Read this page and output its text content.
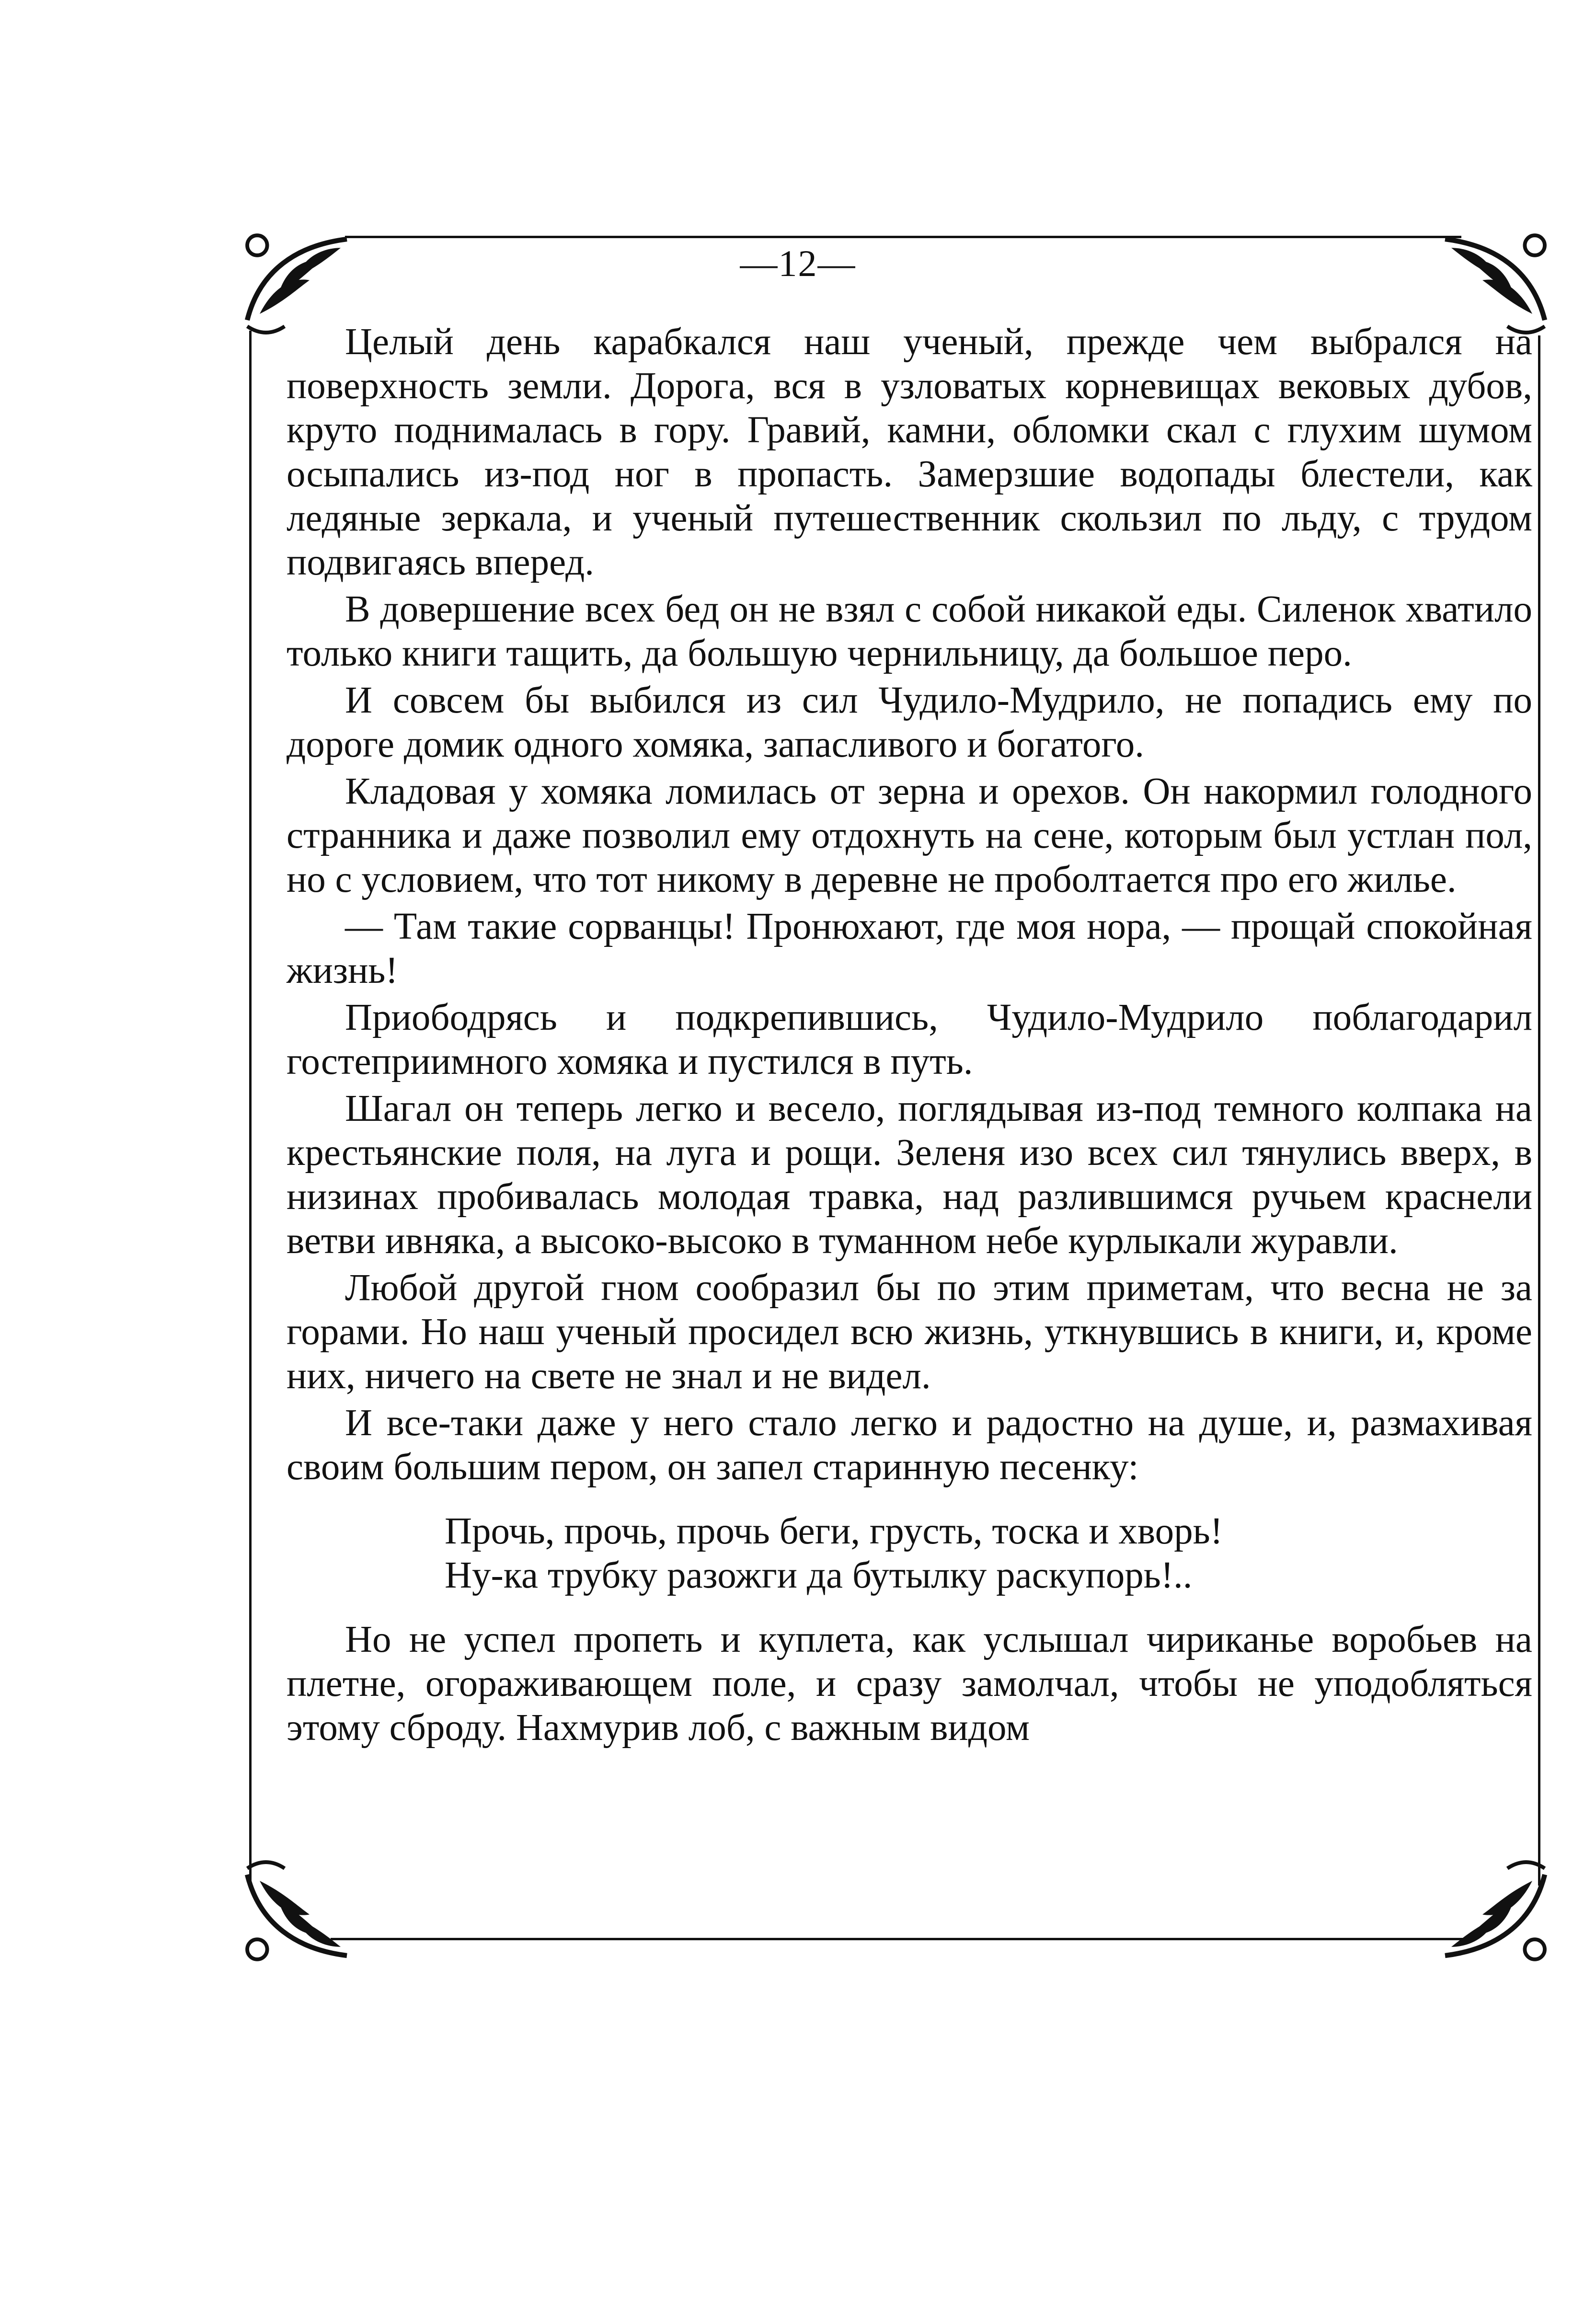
—12—

Целый день карабкался наш ученый, прежде чем выбрался на поверхность земли. Дорога, вся в узловатых корневищах вековых дубов, круто поднималась в гору. Гравий, камни, обломки скал с глухим шумом осыпались из-под ног в пропасть. Замерзшие водопады блестели, как ледяные зеркала, и ученый путешественник скользил по льду, с трудом подвигаясь вперед.

В довершение всех бед он не взял с собой никакой еды. Силенок хватило только книги тащить, да большую чернильницу, да большое перо.

И совсем бы выбился из сил Чудило-Мудрило, не попадись ему по дороге домик одного хомяка, запасливого и богатого.

Кладовая у хомяка ломилась от зерна и орехов. Он накормил голодного странника и даже позволил ему отдохнуть на сене, которым был устлан пол, но с условием, что тот никому в деревне не проболтается про его жилье.

— Там такие сорванцы! Пронюхают, где моя нора, — прощай спокойная жизнь!

Приободрясь и подкрепившись, Чудило-Мудрило поблагодарил гостеприимного хомяка и пустился в путь.

Шагал он теперь легко и весело, поглядывая из-под темного колпака на крестьянские поля, на луга и рощи. Зеленя изо всех сил тянулись вверх, в низинах пробивалась молодая травка, над разлившимся ручьем краснели ветви ивняка, а высоко-высоко в туманном небе курлыкали журавли.

Любой другой гном сообразил бы по этим приметам, что весна не за горами. Но наш ученый просидел всю жизнь, уткнувшись в книги, и, кроме них, ничего на свете не знал и не видел.

И все-таки даже у него стало легко и радостно на душе, и, размахивая своим большим пером, он запел старинную песенку:

Прочь, прочь, прочь беги, грусть, тоска и хворь!
Ну-ка трубку разожги да бутылку раскупорь!..

Но не успел пропеть и куплета, как услышал чириканье воробьев на плетне, огораживающем поле, и сразу замолчал, чтобы не уподобляться этому сброду. Нахмурив лоб, с важным видом
